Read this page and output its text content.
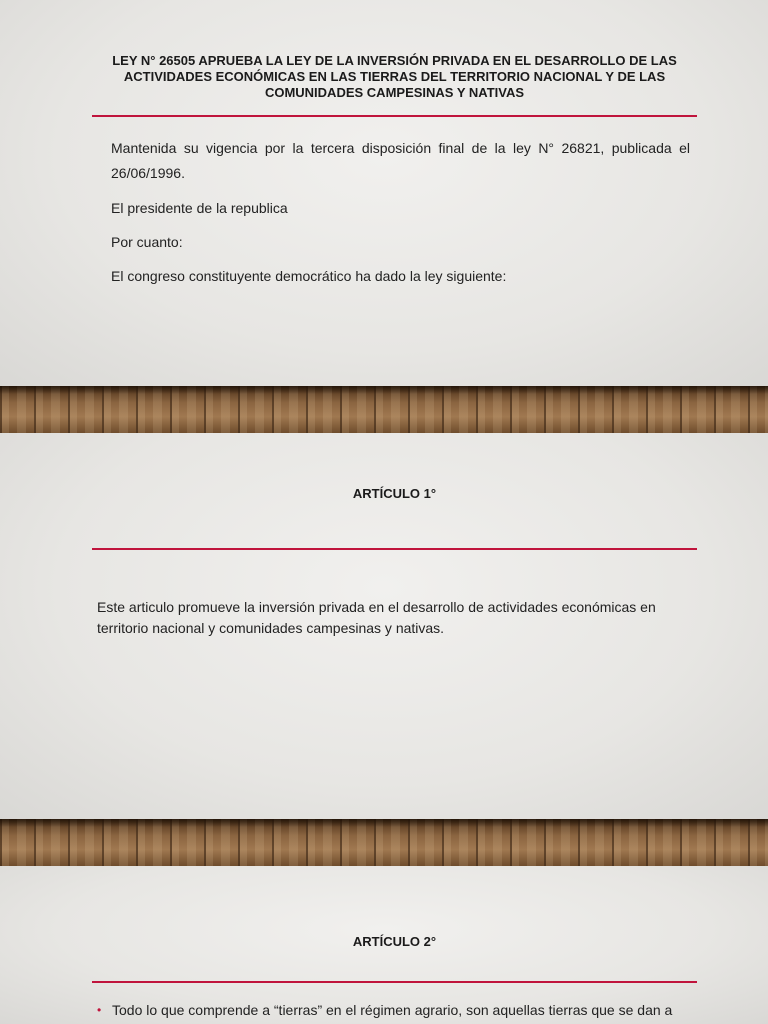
LEY N° 26505 APRUEBA LA LEY DE LA INVERSIÓN PRIVADA EN EL DESARROLLO DE LAS ACTIVIDADES ECONÓMICAS EN LAS TIERRAS DEL TERRITORIO NACIONAL Y DE LAS COMUNIDADES CAMPESINAS Y NATIVAS

Mantenida su vigencia por la tercera disposición final de la ley N° 26821, publicada el 26/06/1996.

El presidente de la republica

Por cuanto:

El congreso constituyente democrático ha dado la ley siguiente:

ARTÍCULO 1°

Este articulo promueve la inversión privada en el desarrollo de actividades económicas en territorio nacional y comunidades campesinas y nativas.

ARTÍCULO 2°
• Todo lo que comprende a “tierras” en el régimen agrario, son aquellas tierras que se dan a
